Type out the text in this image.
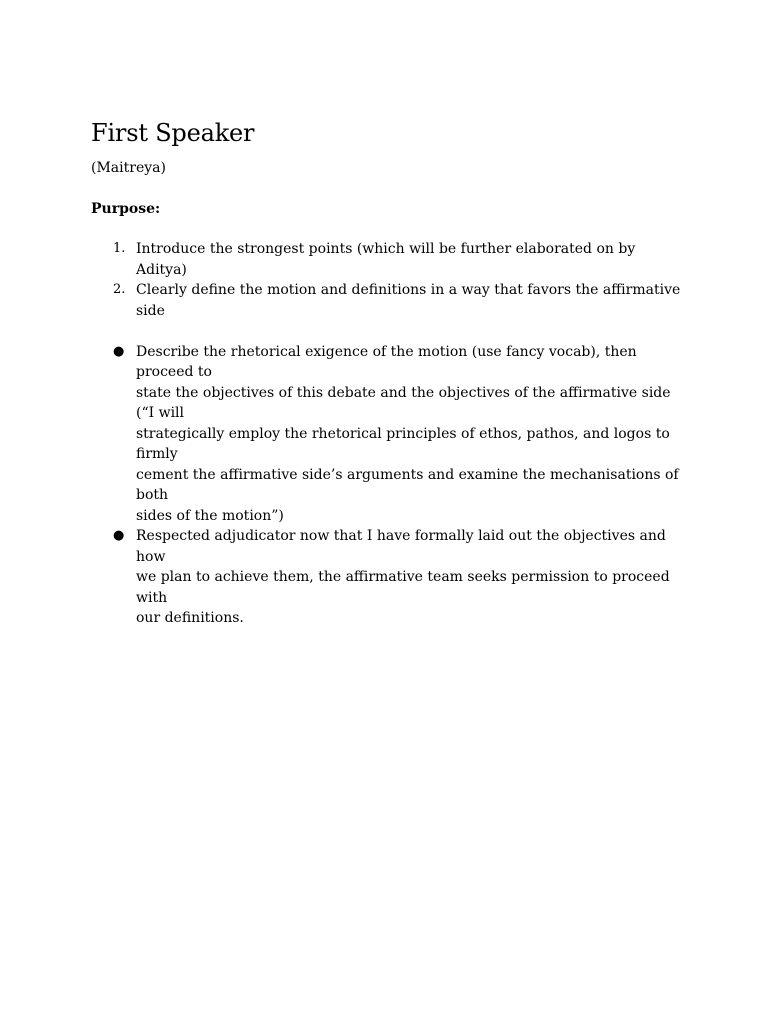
First Speaker

(Maitreya)

Purpose:

1. Introduce the strongest points (which will be further elaborated on by Aditya)
2. Clearly define the motion and definitions in a way that favors the affirmative side
● Describe the rhetorical exigence of the motion (use fancy vocab), then proceed to
state the objectives of this debate and the objectives of the affirmative side (“I will
strategically employ the rhetorical principles of ethos, pathos, and logos to firmly
cement the affirmative side’s arguments and examine the mechanisations of both
sides of the motion”)
● Respected adjudicator now that I have formally laid out the objectives and how
we plan to achieve them, the affirmative team seeks permission to proceed with
our definitions.
